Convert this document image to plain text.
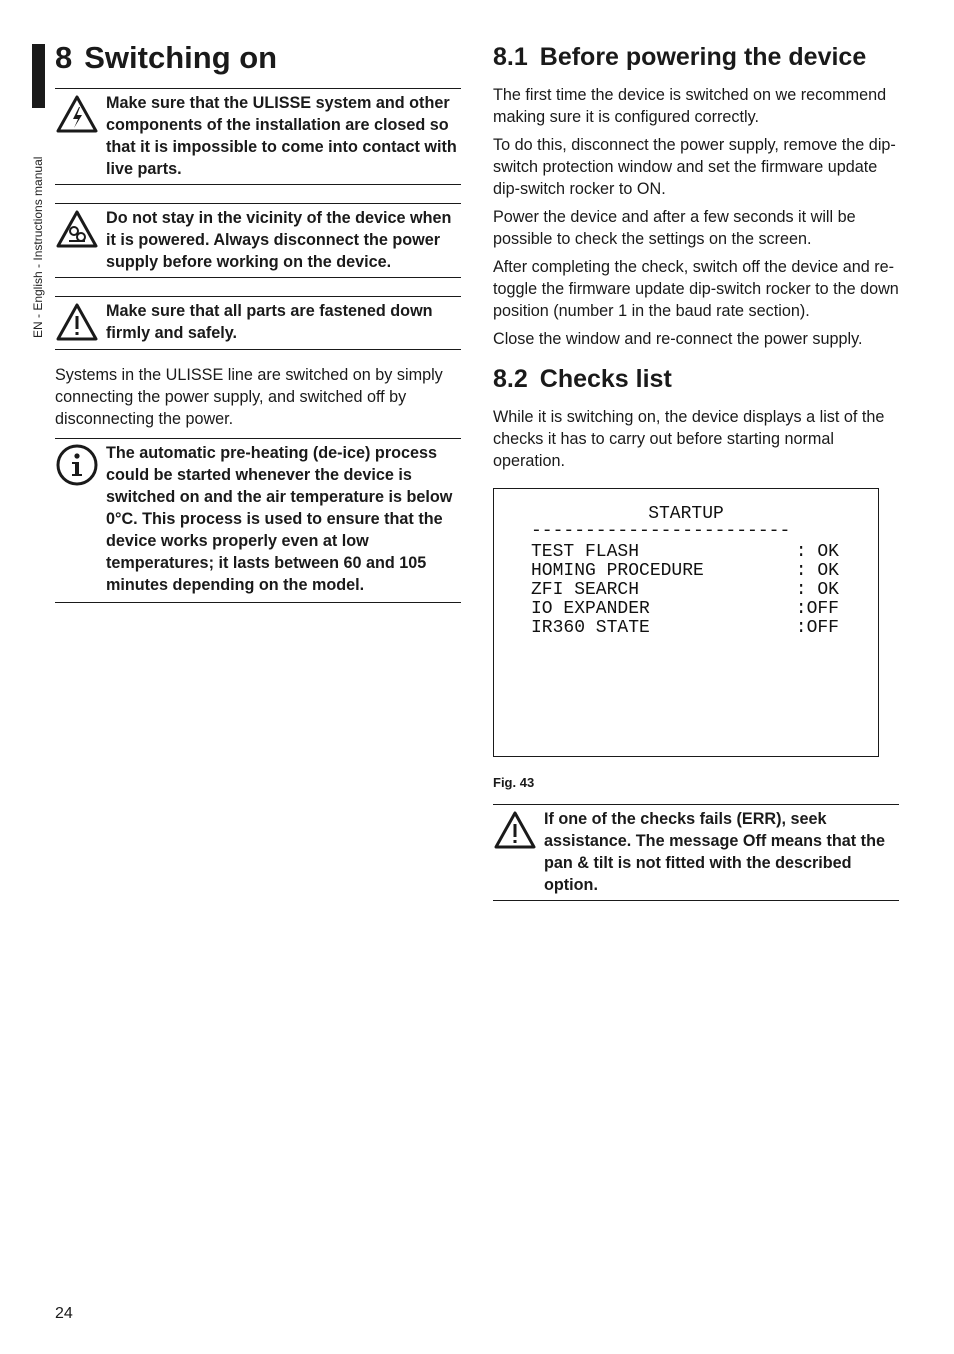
EN - English - Instructions manual
8 Switching on
Make sure that the ULISSE system and other components of the installation are closed so that it is impossible to come into contact with live parts.
Do not stay in the vicinity of the device when it is powered. Always disconnect the power supply before working on the device.
Make sure that all parts are fastened down firmly and safely.

Systems in the ULISSE line are switched on by simply connecting the power supply, and switched off by disconnecting the power.

The automatic pre-heating (de-ice) process could be started whenever the device is switched on and the air temperature is below 0°C. This process is used to ensure that the device works properly even at low temperatures; it lasts between 60 and 105 minutes depending on the model.
8.1 Before powering the device

The first time the device is switched on we recommend making sure it is configured correctly.

To do this, disconnect the power supply, remove the dip-switch protection window and set the firmware update dip-switch rocker to ON.

Power the device and after a few seconds it will be possible to check the settings on the screen.

After completing the check, switch off the device and re-toggle the firmware update dip-switch rocker to the down position (number 1 in the baud rate section).

Close the window and re-connect the power supply.

8.2 Checks list

While it is switching on, the device displays a list of the checks it has to carry out before starting normal operation.

STARTUP
------------------------
TEST FLASH	: OK
HOMING PROCEDURE	: OK
ZFI SEARCH	: OK
IO EXPANDER	:OFF
IR360 STATE	:OFF
Fig. 43
If one of the checks fails (ERR), seek assistance. The message Off means that the pan & tilt is not fitted with the described option.
24
